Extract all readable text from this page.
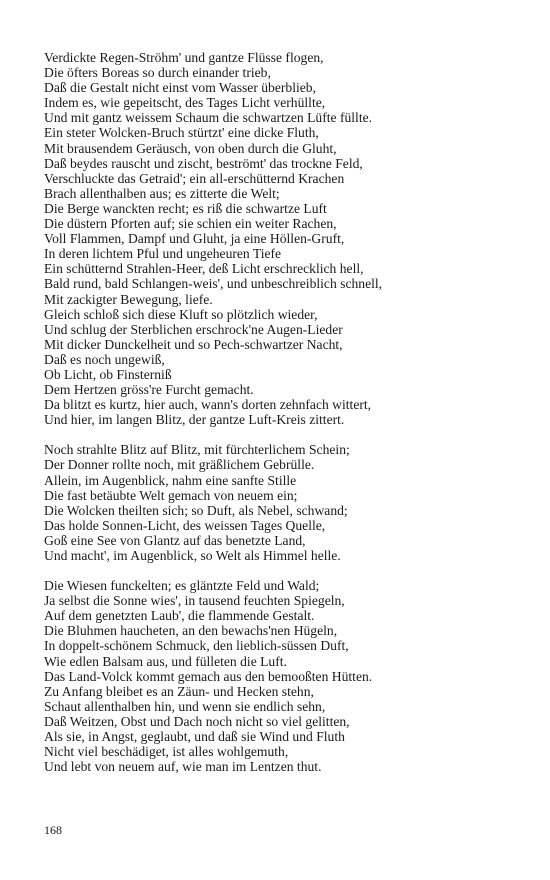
Verdickte Regen-Ströhm' und gantze Flüsse flogen,
Die öfters Boreas so durch einander trieb,
Daß die Gestalt nicht einst vom Wasser überblieb,
Indem es, wie gepeitscht, des Tages Licht verhüllte,
Und mit gantz weissem Schaum die schwartzen Lüfte füllte.
Ein steter Wolcken-Bruch stürtzt' eine dicke Fluth,
Mit brausendem Geräusch, von oben durch die Gluht,
Daß beydes rauscht und zischt, beströmt' das trockne Feld,
Verschluckte das Getraid'; ein all-erschütternd Krachen
Brach allenthalben aus; es zitterte die Welt;
Die Berge wanckten recht; es riß die schwartze Luft
Die düstern Pforten auf; sie schien ein weiter Rachen,
Voll Flammen, Dampf und Gluht, ja eine Höllen-Gruft,
In deren lichtem Pful und ungeheuren Tiefe
Ein schütternd Strahlen-Heer, deß Licht erschrecklich hell,
Bald rund, bald Schlangen-weis', und unbeschreiblich schnell,
Mit zackigter Bewegung, liefe.
Gleich schloß sich diese Kluft so plötzlich wieder,
Und schlug der Sterblichen erschrock'ne Augen-Lieder
Mit dicker Dunckelheit und so Pech-schwartzer Nacht,
Daß es noch ungewiß,
Ob Licht, ob Finsterniß
Dem Hertzen gröss're Furcht gemacht.
Da blitzt es kurtz, hier auch, wann's dorten zehnfach wittert,
Und hier, im langen Blitz, der gantze Luft-Kreis zittert.
Noch strahlte Blitz auf Blitz, mit fürchterlichem Schein;
Der Donner rollte noch, mit gräßlichem Gebrülle.
Allein, im Augenblick, nahm eine sanfte Stille
Die fast betäubte Welt gemach von neuem ein;
Die Wolcken theilten sich; so Duft, als Nebel, schwand;
Das holde Sonnen-Licht, des weissen Tages Quelle,
Goß eine See von Glantz auf das benetzte Land,
Und macht', im Augenblick, so Welt als Himmel helle.
Die Wiesen funckelten; es gläntzte Feld und Wald;
Ja selbst die Sonne wies', in tausend feuchten Spiegeln,
Auf dem genetzten Laub', die flammende Gestalt.
Die Bluhmen haucheten, an den bewachs'nen Hügeln,
In doppelt-schönem Schmuck, den lieblich-süssen Duft,
Wie edlen Balsam aus, und fülleten die Luft.
Das Land-Volck kommt gemach aus den bemooßten Hütten.
Zu Anfang bleibet es an Zäun- und Hecken stehn,
Schaut allenthalben hin, und wenn sie endlich sehn,
Daß Weitzen, Obst und Dach noch nicht so viel gelitten,
Als sie, in Angst, geglaubt, und daß sie Wind und Fluth
Nicht viel beschädiget, ist alles wohlgemuth,
Und lebt von neuem auf, wie man im Lentzen thut.
168
